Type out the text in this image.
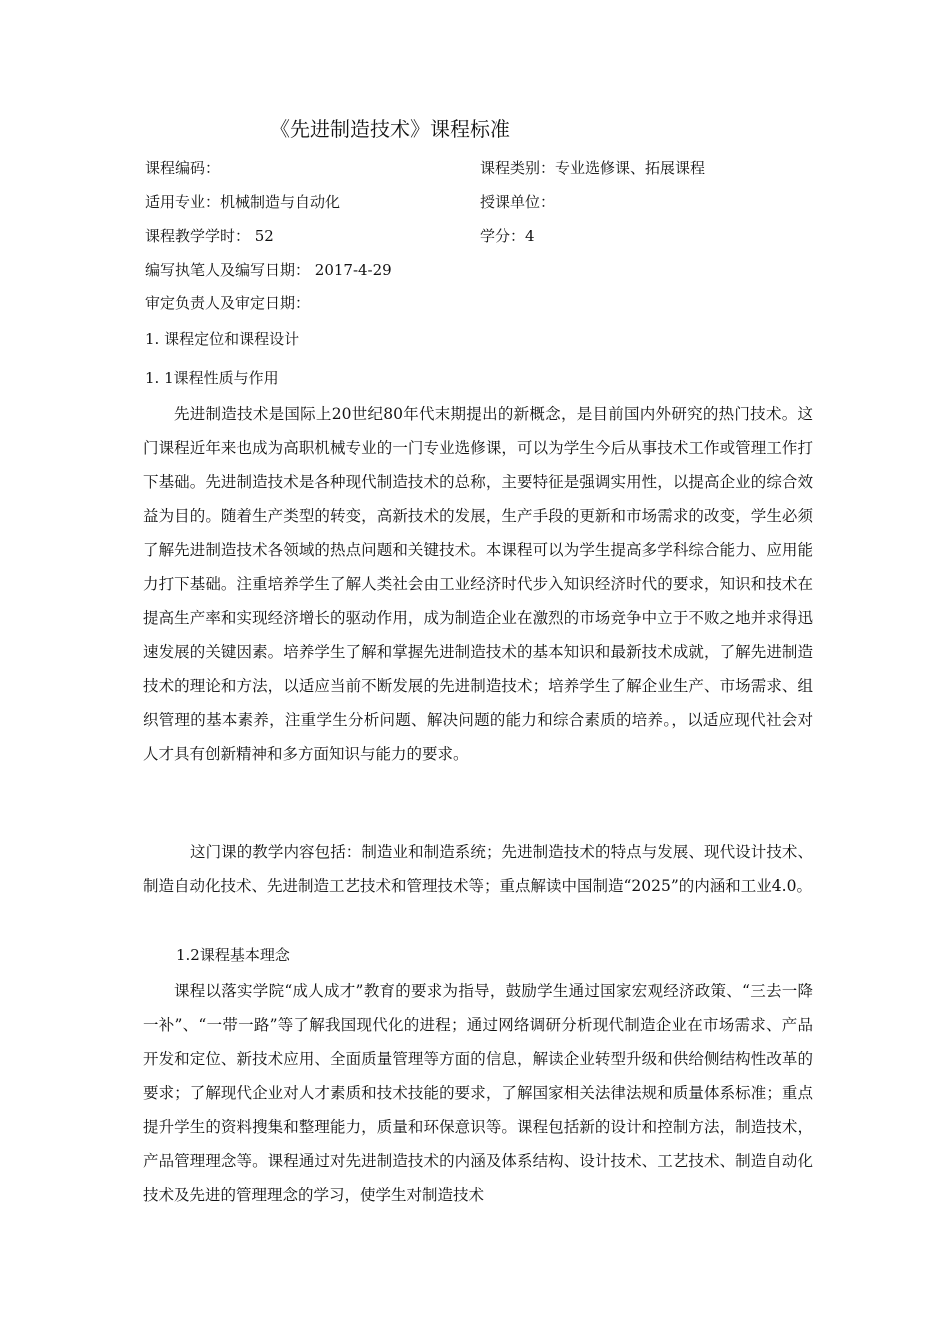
《先进制造技术》课程标准
课程编码：	课程类别：专业选修课、拓展课程
适用专业：机械制造与自动化	授课单位：
课程教学学时： 52	学分：4
编写执笔人及编写日期： 2017-4-29
审定负责人及审定日期：
1. 课程定位和课程设计
1. 1课程性质与作用

先进制造技术是国际上20世纪80年代末期提出的新概念，是目前国内外研究的热门技术。这门课程近年来也成为高职机械专业的一门专业选修课，可以为学生今后从事技术工作或管理工作打下基础。先进制造技术是各种现代制造技术的总称，主要特征是强调实用性，以提高企业的综合效益为目的。随着生产类型的转变，高新技术的发展，生产手段的更新和市场需求的改变，学生必须了解先进制造技术各领域的热点问题和关键技术。本课程可以为学生提高多学科综合能力、应用能力打下基础。注重培养学生了解人类社会由工业经济时代步入知识经济时代的要求，知识和技术在提高生产率和实现经济增长的驱动作用，成为制造企业在激烈的市场竞争中立于不败之地并求得迅速发展的关键因素。培养学生了解和掌握先进制造技术的基本知识和最新技术成就，了解先进制造技术的理论和方法，以适应当前不断发展的先进制造技术；培养学生了解企业生产、市场需求、组织管理的基本素养，注重学生分析问题、解决问题的能力和综合素质的培养。，以适应现代社会对人才具有创新精神和多方面知识与能力的要求。

这门课的教学内容包括：制造业和制造系统；先进制造技术的特点与发展、现代设计技术、制造自动化技术、先进制造工艺技术和管理技术等；重点解读中国制造“2025”的内涵和工业4.0。

1.2课程基本理念

课程以落实学院“成人成才”教育的要求为指导，鼓励学生通过国家宏观经济政策、“三去一降一补”、“一带一路”等了解我国现代化的进程；通过网络调研分析现代制造企业在市场需求、产品开发和定位、新技术应用、全面质量管理等方面的信息，解读企业转型升级和供给侧结构性改革的要求；了解现代企业对人才素质和技术技能的要求，了解国家相关法律法规和质量体系标准；重点提升学生的资料搜集和整理能力，质量和环保意识等。课程包括新的设计和控制方法，制造技术，产品管理理念等。课程通过对先进制造技术的内涵及体系结构、设计技术、工艺技术、制造自动化技术及先进的管理理念的学习，使学生对制造技术
